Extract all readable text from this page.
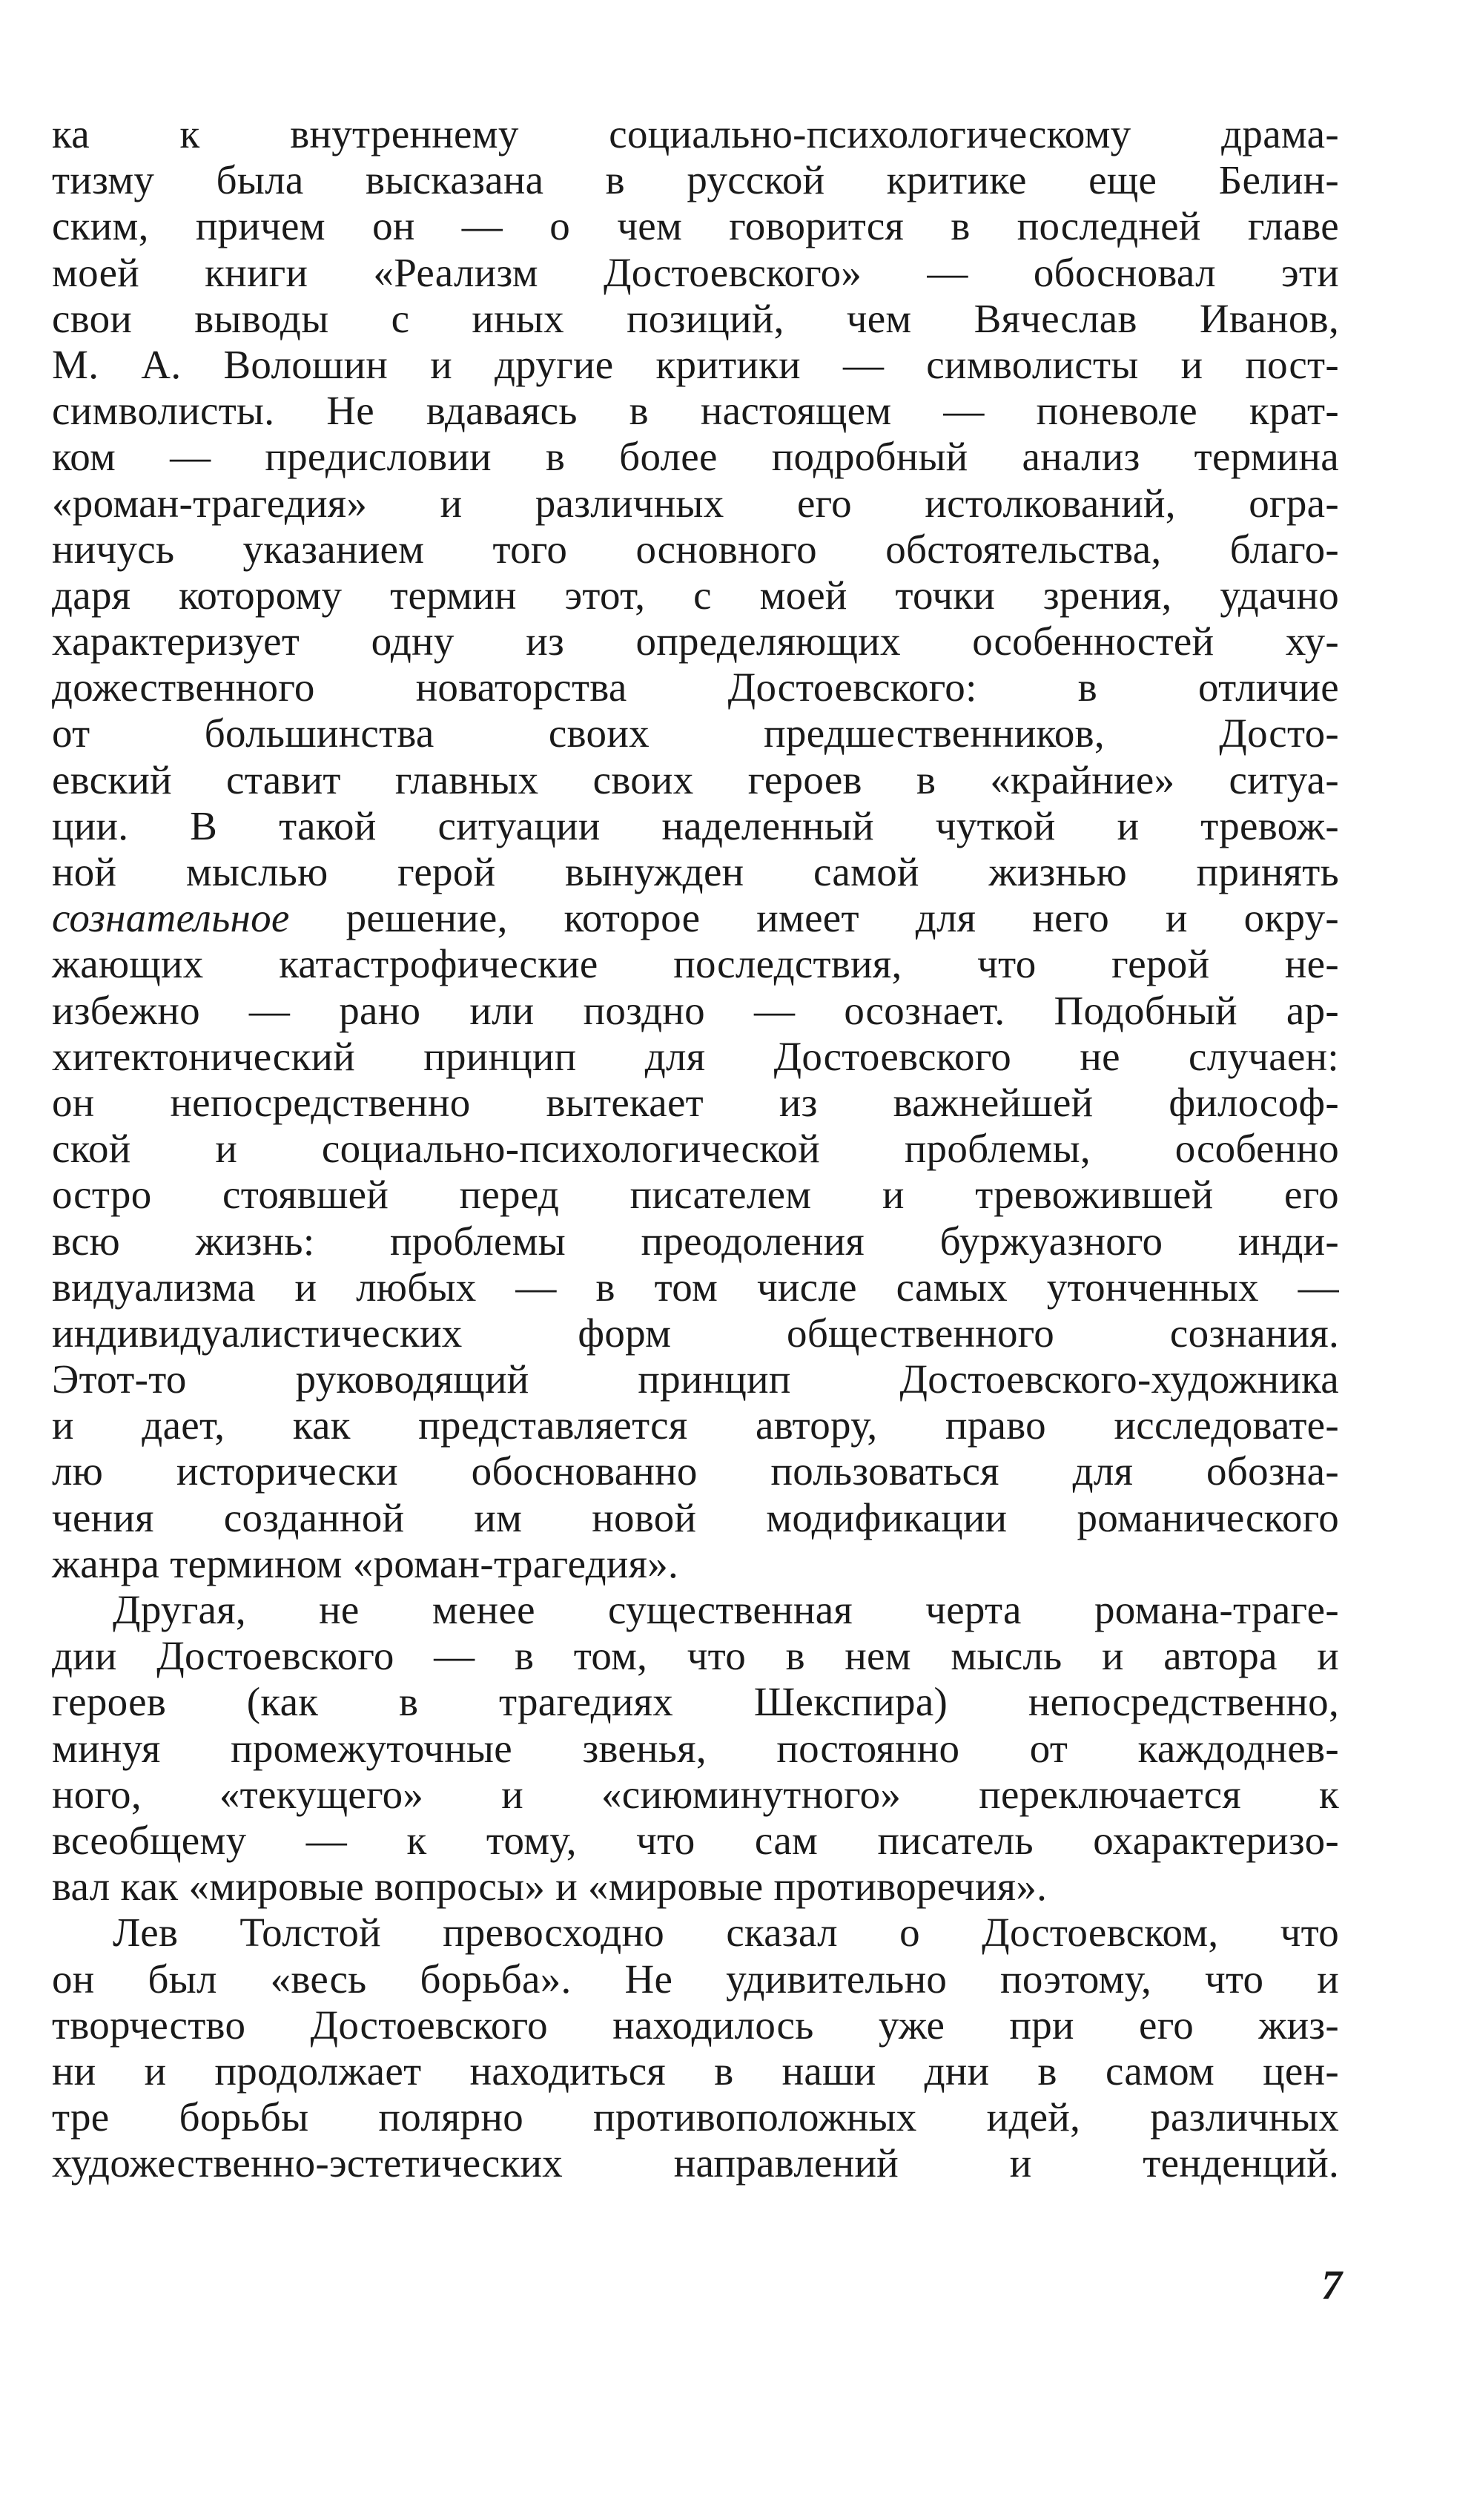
ка к внутреннему социально-психологическому драма-
тизму была высказана в русской критике еще Белин-
ским, причем он — о чем говорится в последней главе
моей книги «Реализм Достоевского» — обосновал эти
свои выводы с иных позиций, чем Вячеслав Иванов,
М. А. Волошин и другие критики — символисты и пост-
символисты. Не вдаваясь в настоящем — поневоле крат-
ком — предисловии в более подробный анализ термина
«роман-трагедия» и различных его истолкований, огра-
ничусь указанием того основного обстоятельства, благо-
даря которому термин этот, с моей точки зрения, удачно
характеризует одну из определяющих особенностей ху-
дожественного новаторства Достоевского: в отличие
от большинства своих предшественников, Досто-
евский ставит главных своих героев в «крайние» ситуа-
ции. В такой ситуации наделенный чуткой и тревож-
ной мыслью герой вынужден самой жизнью принять
сознательное решение, которое имеет для него и окру-
жающих катастрофические последствия, что герой не-
избежно — рано или поздно — осознает. Подобный ар-
хитектонический принцип для Достоевского не случаен:
он непосредственно вытекает из важнейшей философ-
ской и социально-психологической проблемы, особенно
остро стоявшей перед писателем и тревожившей его
всю жизнь: проблемы преодоления буржуазного инди-
видуализма и любых — в том числе самых утонченных —
индивидуалистических форм общественного сознания.
Этот-то руководящий принцип Достоевского-художника
и дает, как представляется автору, право исследовате-
лю исторически обоснованно пользоваться для обозна-
чения созданной им новой модификации романического
жанра термином «роман-трагедия».
Другая, не менее существенная черта романа-траге-
дии Достоевского — в том, что в нем мысль и автора и
героев (как в трагедиях Шекспира) непосредственно,
минуя промежуточные звенья, постоянно от каждоднев-
ного, «текущего» и «сиюминутного» переключается к
всеобщему — к тому, что сам писатель охарактеризо-
вал как «мировые вопросы» и «мировые противоречия».
Лев Толстой превосходно сказал о Достоевском, что
он был «весь борьба». Не удивительно поэтому, что и
творчество Достоевского находилось уже при его жиз-
ни и продолжает находиться в наши дни в самом цен-
тре борьбы полярно противоположных идей, различных
художественно-эстетических направлений и тенденций.
7
